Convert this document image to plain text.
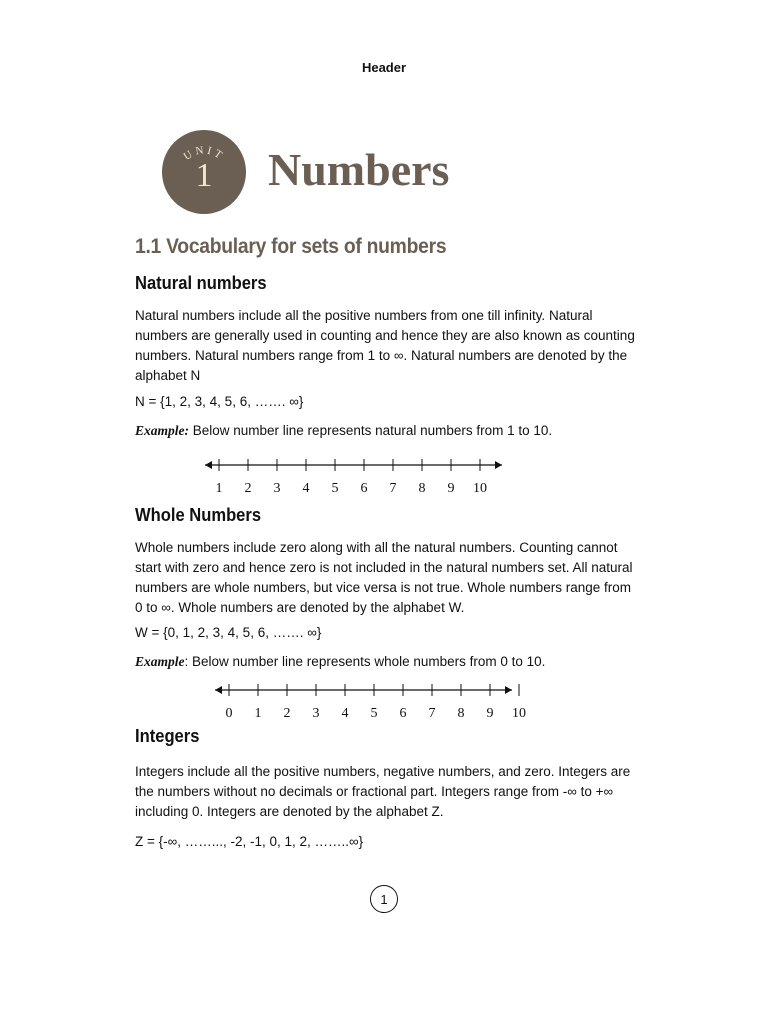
Header
UNIT
1	Numbers
1.1 Vocabulary for sets of numbers
Natural numbers
Natural numbers include all the positive numbers from one till infinity. Natural numbers are generally used in counting and hence they are also known as counting numbers. Natural numbers range from 1 to ∞. Natural numbers are denoted by the alphabet N
N = {1, 2, 3, 4, 5, 6, ……. ∞}
Example: Below number line represents natural numbers from 1 to 10.
1 2 3 4 5 6 7 8 9 10
Whole Numbers
Whole numbers include zero along with all the natural numbers. Counting cannot start with zero and hence zero is not included in the natural numbers set. All natural numbers are whole numbers, but vice versa is not true. Whole numbers range from 0 to ∞. Whole numbers are denoted by the alphabet W.
W = {0, 1, 2, 3, 4, 5, 6, ……. ∞}
Example: Below number line represents whole numbers from 0 to 10.
0 1 2 3 4 5 6 7 8 9 10
Integers
Integers include all the positive numbers, negative numbers, and zero. Integers are the numbers without no decimals or fractional part. Integers range from -∞ to +∞ including 0. Integers are denoted by the alphabet Z.
Z = {-∞, ……..., -2, -1, 0, 1, 2, ……..∞}
1
